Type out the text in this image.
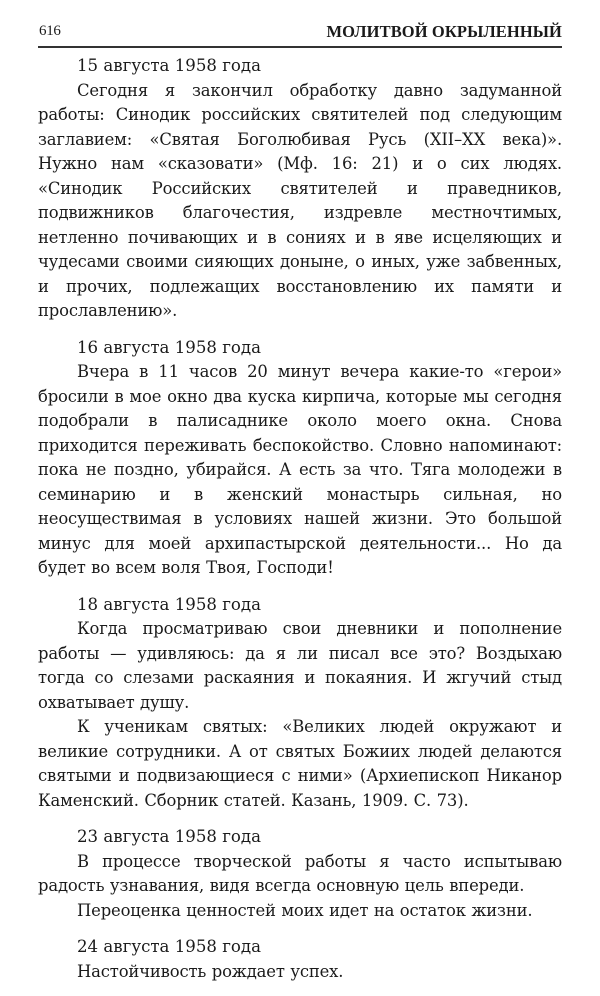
616	МОЛИТВОЙ ОКРЫЛЕННЫЙ

15 августа 1958 года

Сегодня я закончил обработку давно задуманной работы: Синодик российских святителей под следующим заглавием: «Святая Боголюбивая Русь (XII–XX века)». Нужно нам «сказовати» (Мф. 16: 21) и о сих людях. «Синодик Российских святителей и праведников, подвижников благочестия, издревле местночтимых, нетленно почивающих и в сониях и в яве исцеляющих и чудесами своими сияющих доныне, о иных, уже забвенных, и прочих, подлежащих восстановлению их памяти и прославлению».

16 августа 1958 года

Вчера в 11 часов 20 минут вечера какие-то «герои» бросили в мое окно два куска кирпича, которые мы сегодня подобрали в палисаднике около моего окна. Снова приходится переживать беспокойство. Словно напоминают: пока не поздно, убирайся. А есть за что. Тяга молодежи в семинарию и в женский монастырь сильная, но неосуществимая в условиях нашей жизни. Это большой минус для моей архипастырской деятельности... Но да будет во всем воля Твоя, Господи!

18 августа 1958 года

Когда просматриваю свои дневники и пополнение работы — удивляюсь: да я ли писал все это? Воздыхаю тогда со слезами раскаяния и покаяния. И жгучий стыд охватывает душу.

К ученикам святых: «Великих людей окружают и великие сотрудники. А от святых Божиих людей делаются святыми и подвизающиеся с ними» (Архиепископ Никанор Каменский. Сборник статей. Казань, 1909. С. 73).

23 августа 1958 года

В процессе творческой работы я часто испытываю радость узнавания, видя всегда основную цель впереди.

Переоценка ценностей моих идет на остаток жизни.

24 августа 1958 года

Настойчивость рождает успех.
